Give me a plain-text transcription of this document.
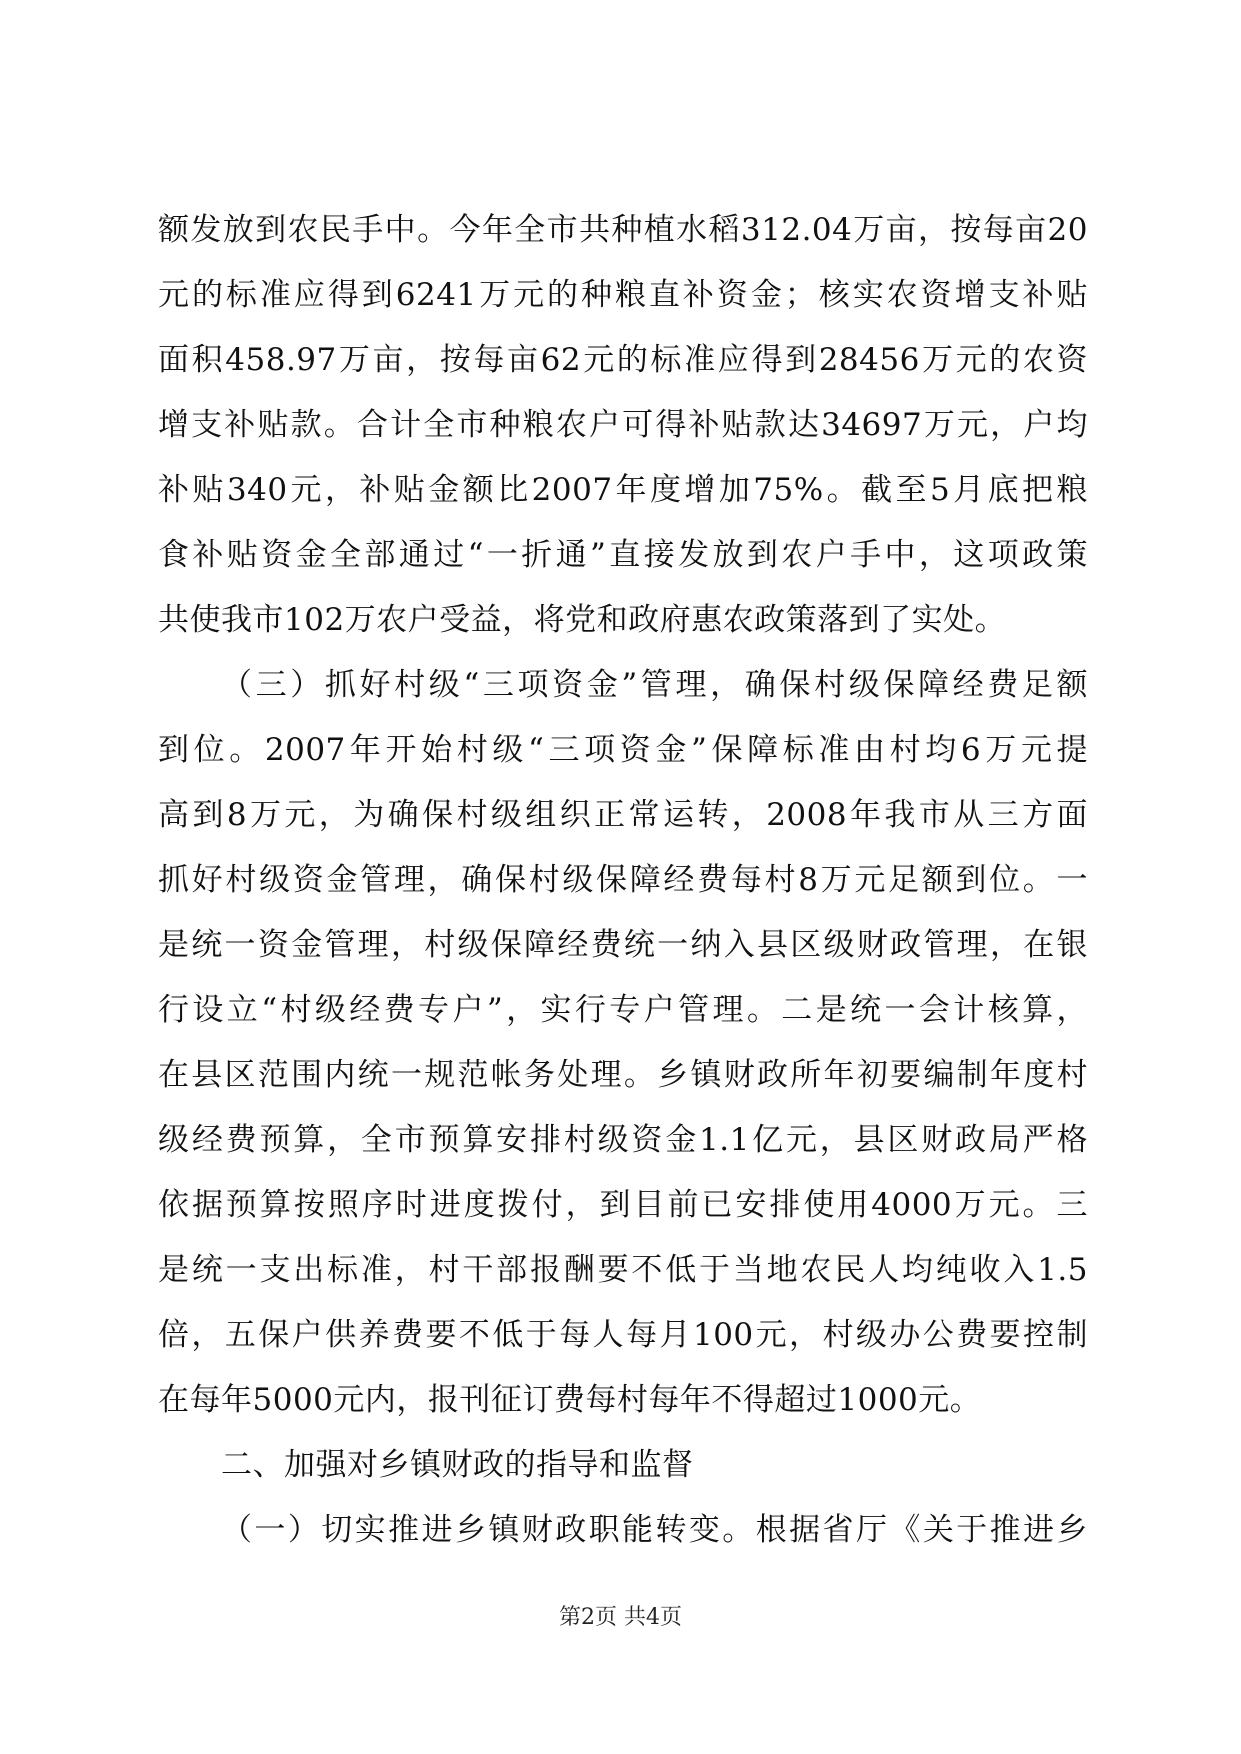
额发放到农民手中。今年全市共种植水稻312.04万亩，按每亩20
元的标准应得到6241万元的种粮直补资金；核实农资增支补贴
面积458.97万亩，按每亩62元的标准应得到28456万元的农资
增支补贴款。合计全市种粮农户可得补贴款达34697万元，户均
补贴340元，补贴金额比2007年度增加75%。截至5月底把粮
食补贴资金全部通过“一折通”直接发放到农户手中，这项政策
共使我市102万农户受益，将党和政府惠农政策落到了实处。
（三）抓好村级“三项资金”管理，确保村级保障经费足额
到位。2007年开始村级“三项资金”保障标准由村均6万元提
高到8万元，为确保村级组织正常运转，2008年我市从三方面
抓好村级资金管理，确保村级保障经费每村8万元足额到位。一
是统一资金管理，村级保障经费统一纳入县区级财政管理，在银
行设立“村级经费专户”，实行专户管理。二是统一会计核算，
在县区范围内统一规范帐务处理。乡镇财政所年初要编制年度村
级经费预算，全市预算安排村级资金1.1亿元，县区财政局严格
依据预算按照序时进度拨付，到目前已安排使用4000万元。三
是统一支出标准，村干部报酬要不低于当地农民人均纯收入1.5
倍，五保户供养费要不低于每人每月100元，村级办公费要控制
在每年5000元内，报刊征订费每村每年不得超过1000元。
二、加强对乡镇财政的指导和监督
（一）切实推进乡镇财政职能转变。根据省厅《关于推进乡
第2页 共4页
